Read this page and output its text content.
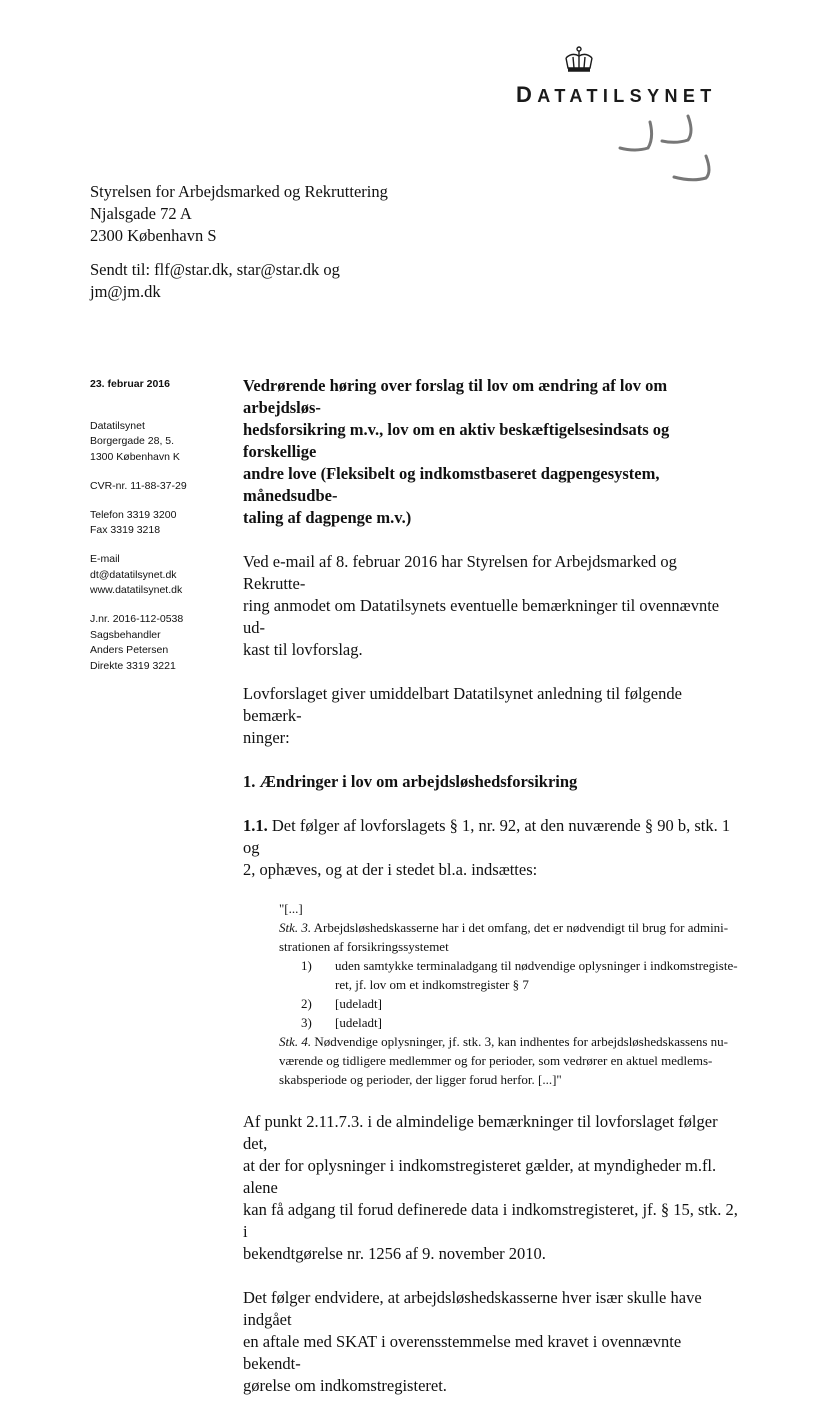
DATATILSYNET
Styrelsen for Arbejdsmarked og Rekruttering
Njalsgade 72 A
2300 København S
Sendt til: flf@star.dk, star@star.dk og
jm@jm.dk
23. februar 2016
Datatilsynet
Borgergade 28, 5.
1300 København K
CVR-nr. 11-88-37-29
Telefon 3319 3200
Fax 3319 3218
E-mail
dt@datatilsynet.dk
www.datatilsynet.dk
J.nr. 2016-112-0538
Sagsbehandler
Anders Petersen
Direkte 3319 3221

Vedrørende høring over forslag til lov om ændring af lov om arbejdsløs-
hedsforsikring m.v., lov om en aktiv beskæftigelsesindsats og forskellige
andre love (Fleksibelt og indkomstbaseret dagpengesystem, månedsudbe-
taling af dagpenge m.v.)

Ved e-mail af 8. februar 2016 har Styrelsen for Arbejdsmarked og Rekrutte-
ring anmodet om Datatilsynets eventuelle bemærkninger til ovennævnte ud-
kast til lovforslag.

Lovforslaget giver umiddelbart Datatilsynet anledning til følgende bemærk-
ninger:

1. Ændringer i lov om arbejdsløshedsforsikring

1.1. Det følger af lovforslagets § 1, nr. 92, at den nuværende § 90 b, stk. 1 og
2, ophæves, og at der i stedet bl.a. indsættes:

"[...]
Stk. 3. Arbejdsløshedskasserne har i det omfang, det er nødvendigt til brug for admini-
strationen af forsikringssystemet
1) uden samtykke terminaladgang til nødvendige oplysninger i indkomstregiste-
ret, jf. lov om et indkomstregister § 7
2) [udeladt]
3) [udeladt]
Stk. 4. Nødvendige oplysninger, jf. stk. 3, kan indhentes for arbejdsløshedskassens nu-
værende og tidligere medlemmer og for perioder, som vedrører en aktuel medlems-
skabsperiode og perioder, der ligger forud herfor. [...]"

Af punkt 2.11.7.3. i de almindelige bemærkninger til lovforslaget følger det,
at der for oplysninger i indkomstregisteret gælder, at myndigheder m.fl. alene
kan få adgang til forud definerede data i indkomstregisteret, jf. § 15, stk. 2, i
bekendtgørelse nr. 1256 af 9. november 2010.

Det følger endvidere, at arbejdsløshedskasserne hver især skulle have indgået
en aftale med SKAT i overensstemmelse med kravet i ovennævnte bekendt-
gørelse om indkomstregisteret.
